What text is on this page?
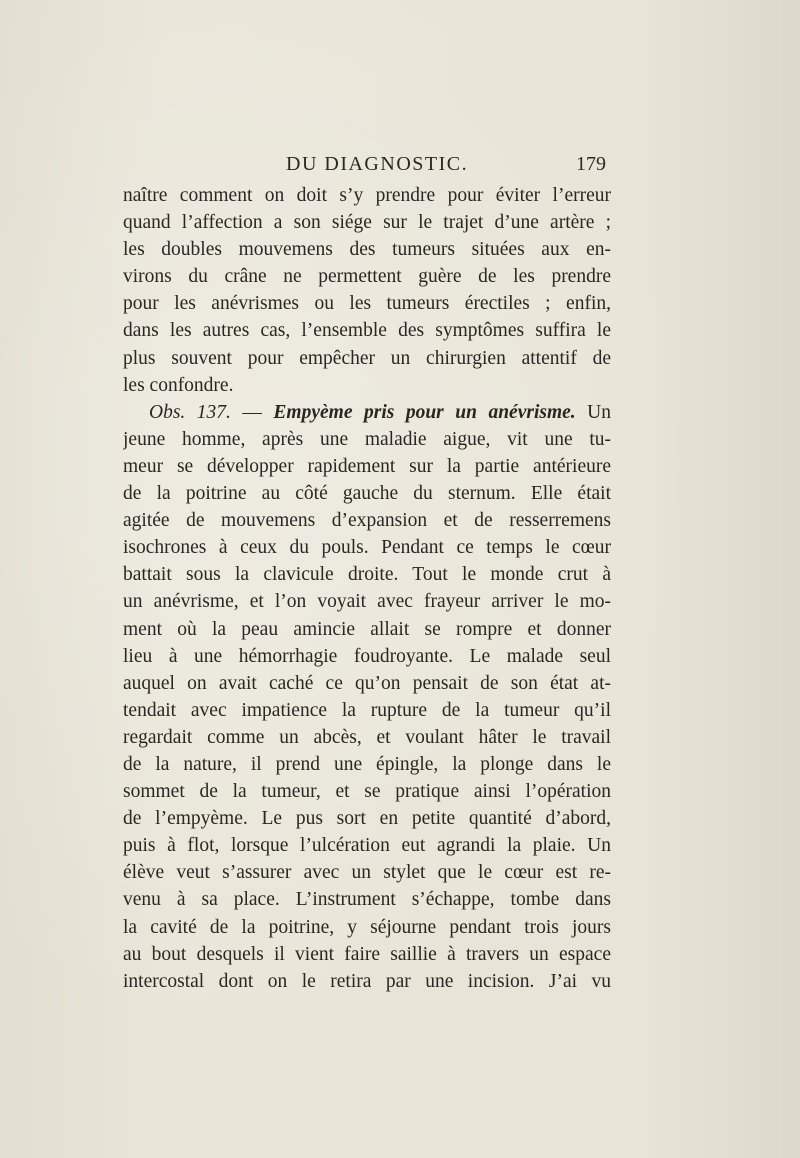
DU DIAGNOSTIC.	179
naître comment on doit s’y prendre pour éviter l’erreur
quand l’affection a son siége sur le trajet d’une artère ;
les doubles mouvemens des tumeurs situées aux en-
virons du crâne ne permettent guère de les prendre
pour les anévrismes ou les tumeurs érectiles ; enfin,
dans les autres cas, l’ensemble des symptômes suffira le
plus souvent pour empêcher un chirurgien attentif de
les confondre.
Obs. 137. — Empyème pris pour un anévrisme. Un
jeune homme, après une maladie aigue, vit une tu-
meur se développer rapidement sur la partie antérieure
de la poitrine au côté gauche du sternum. Elle était
agitée de mouvemens d’expansion et de resserremens
isochrones à ceux du pouls. Pendant ce temps le cœur
battait sous la clavicule droite. Tout le monde crut à
un anévrisme, et l’on voyait avec frayeur arriver le mo-
ment où la peau amincie allait se rompre et donner
lieu à une hémorrhagie foudroyante. Le malade seul
auquel on avait caché ce qu’on pensait de son état at-
tendait avec impatience la rupture de la tumeur qu’il
regardait comme un abcès, et voulant hâter le travail
de la nature, il prend une épingle, la plonge dans le
sommet de la tumeur, et se pratique ainsi l’opération
de l’empyème. Le pus sort en petite quantité d’abord,
puis à flot, lorsque l’ulcération eut agrandi la plaie. Un
élève veut s’assurer avec un stylet que le cœur est re-
venu à sa place. L’instrument s’échappe, tombe dans
la cavité de la poitrine, y séjourne pendant trois jours
au bout desquels il vient faire saillie à travers un espace
intercostal dont on le retira par une incision. J’ai vu
